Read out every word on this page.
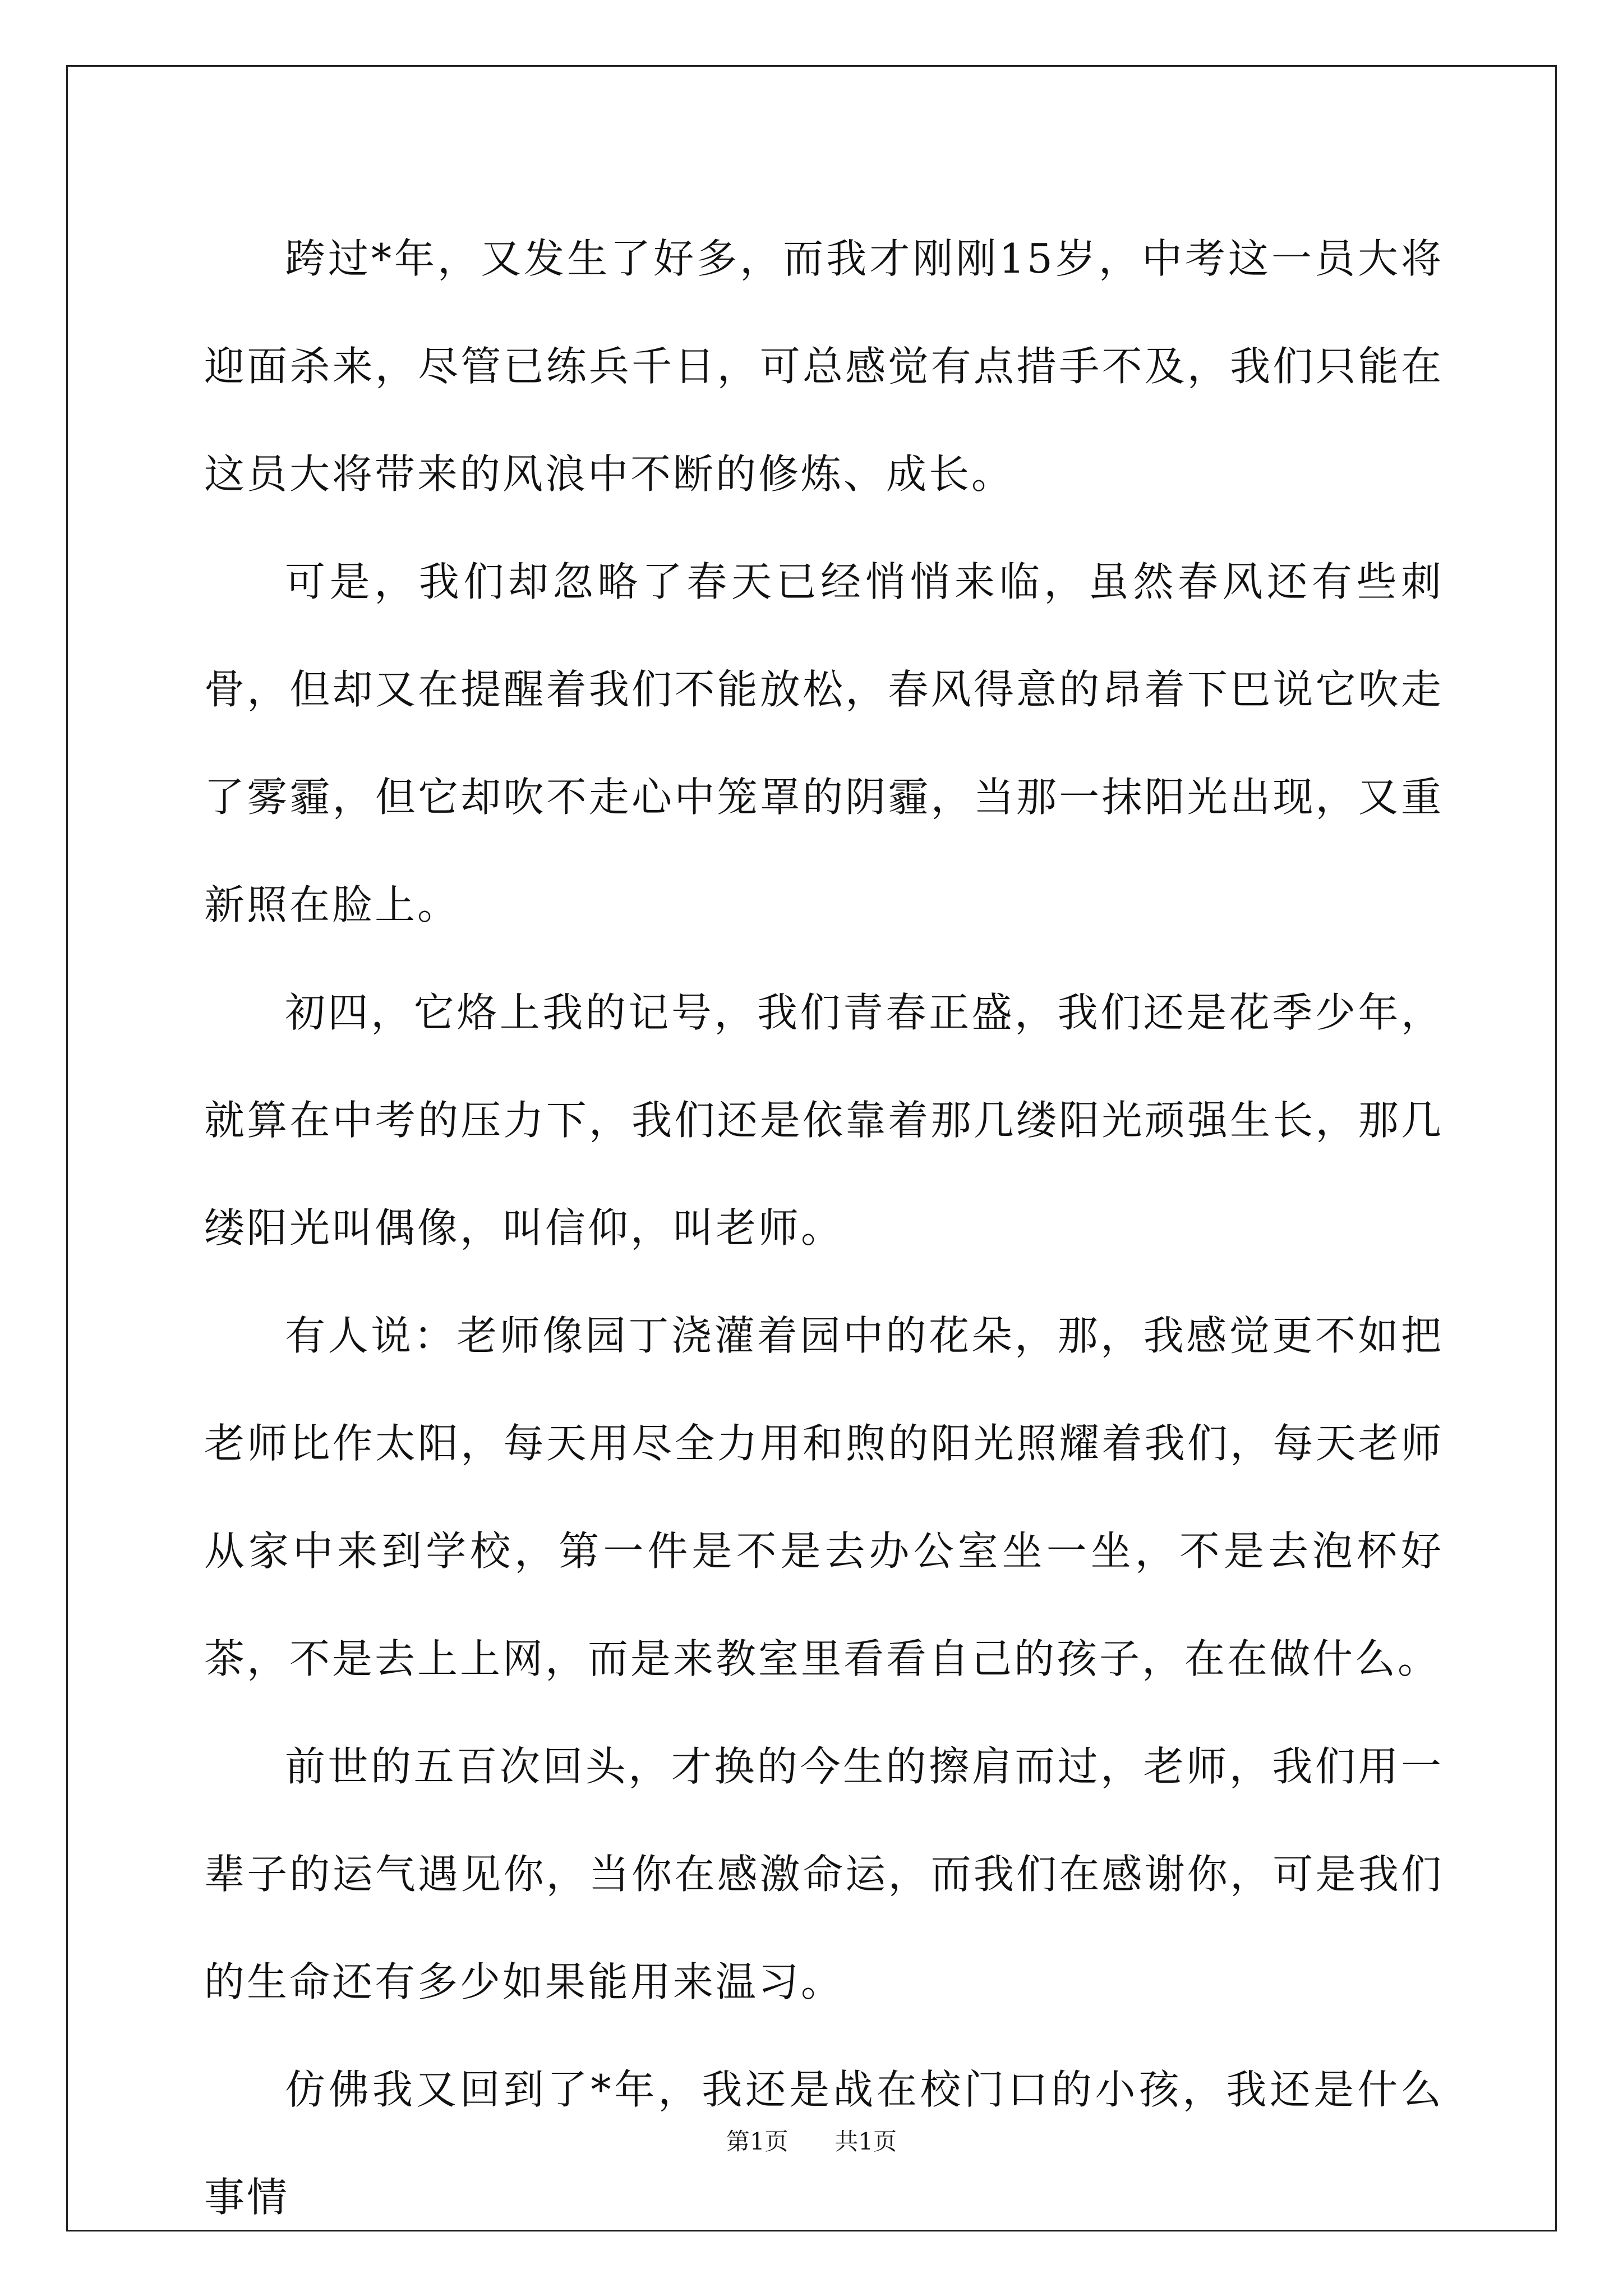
跨过*年，又发生了好多，而我才刚刚15岁，中考这一员大将迎面杀来，尽管已练兵千日，可总感觉有点措手不及，我们只能在这员大将带来的风浪中不断的修炼、成长。

可是，我们却忽略了春天已经悄悄来临，虽然春风还有些刺骨，但却又在提醒着我们不能放松，春风得意的昂着下巴说它吹走了雾霾，但它却吹不走心中笼罩的阴霾，当那一抹阳光出现，又重新照在脸上。

初四，它烙上我的记号，我们青春正盛，我们还是花季少年，就算在中考的压力下，我们还是依靠着那几缕阳光顽强生长，那几缕阳光叫偶像，叫信仰，叫老师。

有人说：老师像园丁浇灌着园中的花朵，那，我感觉更不如把老师比作太阳，每天用尽全力用和煦的阳光照耀着我们，每天老师从家中来到学校，第一件是不是去办公室坐一坐，不是去泡杯好茶，不是去上上网，而是来教室里看看自己的孩子，在在做什么。

前世的五百次回头，才换的今生的擦肩而过，老师，我们用一辈子的运气遇见你，当你在感激命运，而我们在感谢你，可是我们的生命还有多少如果能用来温习。

仿佛我又回到了*年，我还是战在校门口的小孩，我还是什么事情

第1页 共1页
